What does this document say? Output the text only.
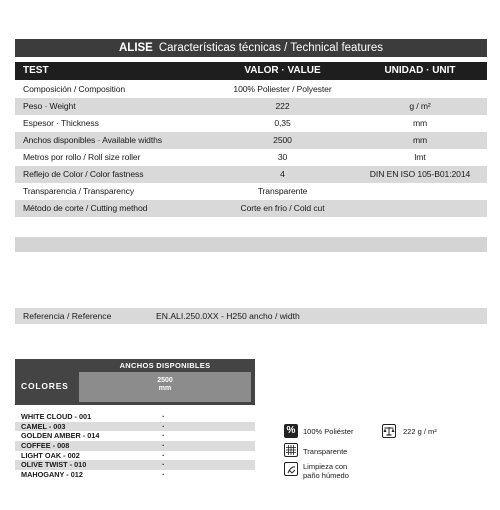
ALISE Características técnicas / Technical features
TEST	VALOR · VALUE	UNIDAD · UNIT
Composición / Composition	100% Poliester / Polyester
Peso · Weight	222	g / m²
Espesor · Thickness	0,35	mm
Anchos disponibles · Available widths	2500	mm
Metros por rollo / Roll size roller	30	lmt
Reflejo de Color / Color fastness	4	DIN EN ISO 105-B01:2014
Transparencia / Transparency	Transparente
Método de corte / Cutting method	Corte en frío / Cold cut
Referencia / Reference	EN.ALI.250.0XX - H250 ancho / width
ANCHOS DISPONIBLES
COLORES
2500
mm
WHITE CLOUD - 001	·
CAMEL - 003	·
GOLDEN AMBER - 014	·
COFFEE - 008	·
LIGHT OAK - 002	·
OLIVE TWIST - 010	·
MAHOGANY - 012	·
%	100% Poliéster	222 g / m²
Transparente
Limpieza con
paño húmedo
